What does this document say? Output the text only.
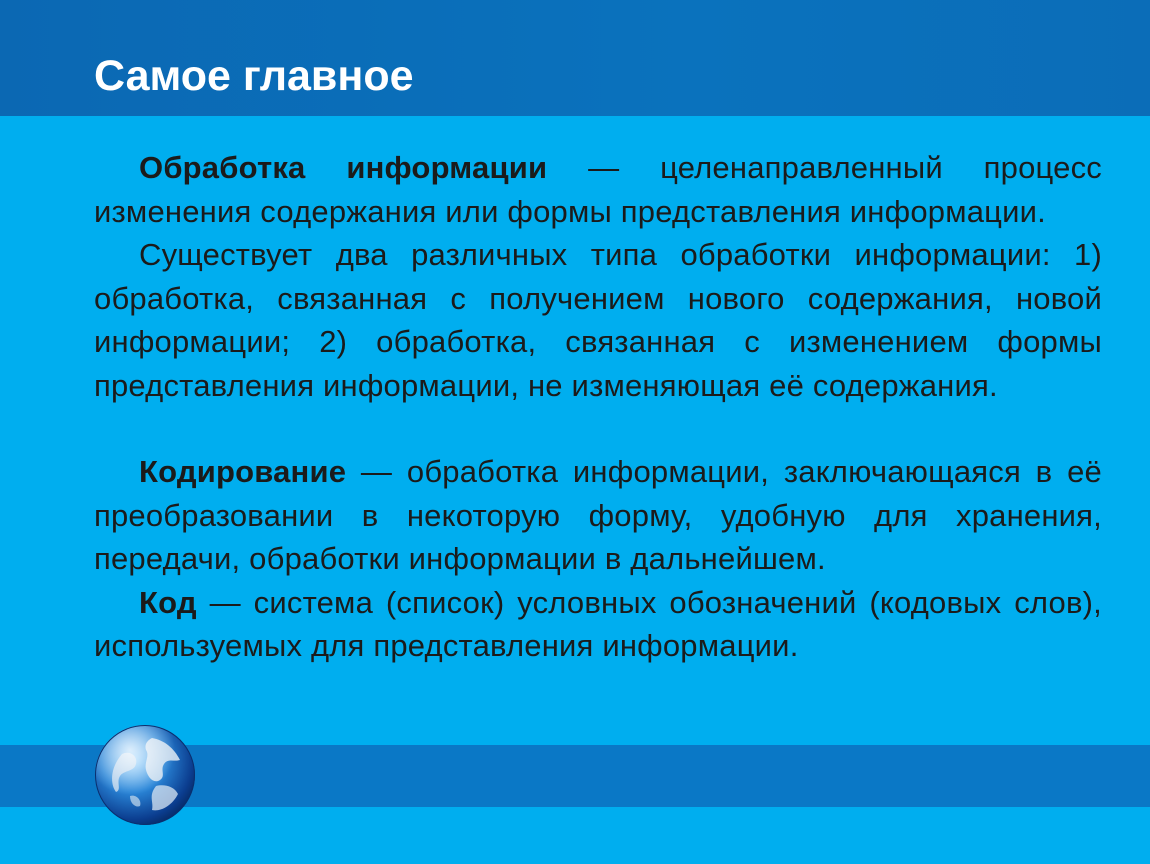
Самое главное

Обработка информации — целенаправленный процесс изменения содержания или формы представления информации.

Существует два различных типа обработки информации: 1) обработка, связанная с получением нового содержания, новой информации; 2) обработка, связанная с изменением формы представления информации, не изменяющая её содержания.

Кодирование — обработка информации, заключающаяся в её преобразовании в некоторую форму, удобную для хранения, передачи, обработки информации в дальнейшем.

Код — система (список) условных обозначений (кодовых слов), используемых для представления информации.
